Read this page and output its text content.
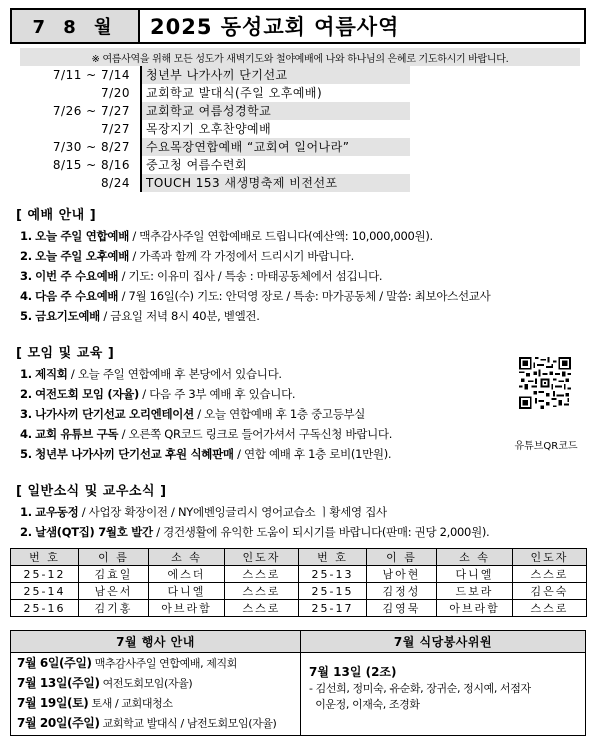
7 8 월	2025 동성교회 여름사역
※ 여름사역을 위해 모든 성도가 새벽기도와 철야예배에 나와 하나님의 은혜로 기도하시기 바랍니다.
7/11 ~ 7/14	청년부 나가사끼 단기선교
7/20	교회학교 발대식(주일 오후예배)
7/26 ~ 7/27	교회학교 여름성경학교
7/27	목장지기 오후찬양예배
7/30 ~ 8/27	수요목장연합예배 “교회여 일어나라”
8/15 ~ 8/16	중고청 여름수련회
8/24	TOUCH 153 새생명축제 비전선포
[ 예배 안내 ]
1. 오늘 주일 연합예배 / 맥추감사주일 연합예배로 드립니다(예산액: 10,000,000원).
2. 오늘 주일 오후예배 / 가족과 함께 각 가정에서 드리시기 바랍니다.
3. 이번 주 수요예배 / 기도: 이유미 집사 / 특송 : 마태공동체에서 섬깁니다.
4. 다음 주 수요예배 / 7월 16일(수) 기도: 안덕영 장로 / 특송: 마가공동체 / 말씀: 최보아스선교사
5. 금요기도예배 / 금요일 저녁 8시 40분, 벧엘전.
[ 모임 및 교육 ]
1. 제직회 / 오늘 주일 연합예배 후 본당에서 있습니다.
2. 여전도회 모임 (자율) / 다음 주 3부 예배 후 있습니다.
3. 나가사끼 단기선교 오리엔테이션 / 오늘 연합예배 후 1층 중고등부실
4. 교회 유튜브 구독 / 오른쪽 QR코드 링크로 들어가셔서 구독신청 바랍니다.
5. 청년부 나가사끼 단기선교 후원 식혜판매 / 연합 예배 후 1층 로비(1만원).
유튜브QR코드
[ 일반소식 및 교우소식 ]
1. 교우동정 / 사업장 확장이전 / NY에벤잉글리시 영어교습소 ㅣ황세영 집사
2. 날샘(QT집) 7월호 발간 / 경건생활에 유익한 도움이 되시기를 바랍니다(판매: 권당 2,000원).
번 호	이 름	소 속	인도자	번 호	이 름	소 속	인도자
25-12	김효일	에스더	스스로	25-13	남아현	다니엘	스스로
25-14	남은서	다니엘	스스로	25-15	김정성	드보라	김은숙
25-16	김기홍	아브라함	스스로	25-17	김영묵	아브라함	스스로
7월 행사 안내
7월 6일(주일) 맥추감사주일 연합예배, 제직회
7월 13일(주일) 여전도회모임(자율)
7월 19일(토) 토새 / 교회대청소
7월 20일(주일) 교회학교 발대식 / 남전도회모임(자율)
7월 식당봉사위원
7월 13일 (2조)
- 김선희, 정미숙, 유순화, 장귀순, 정시예, 서점자
이운정, 이재숙, 조경화
